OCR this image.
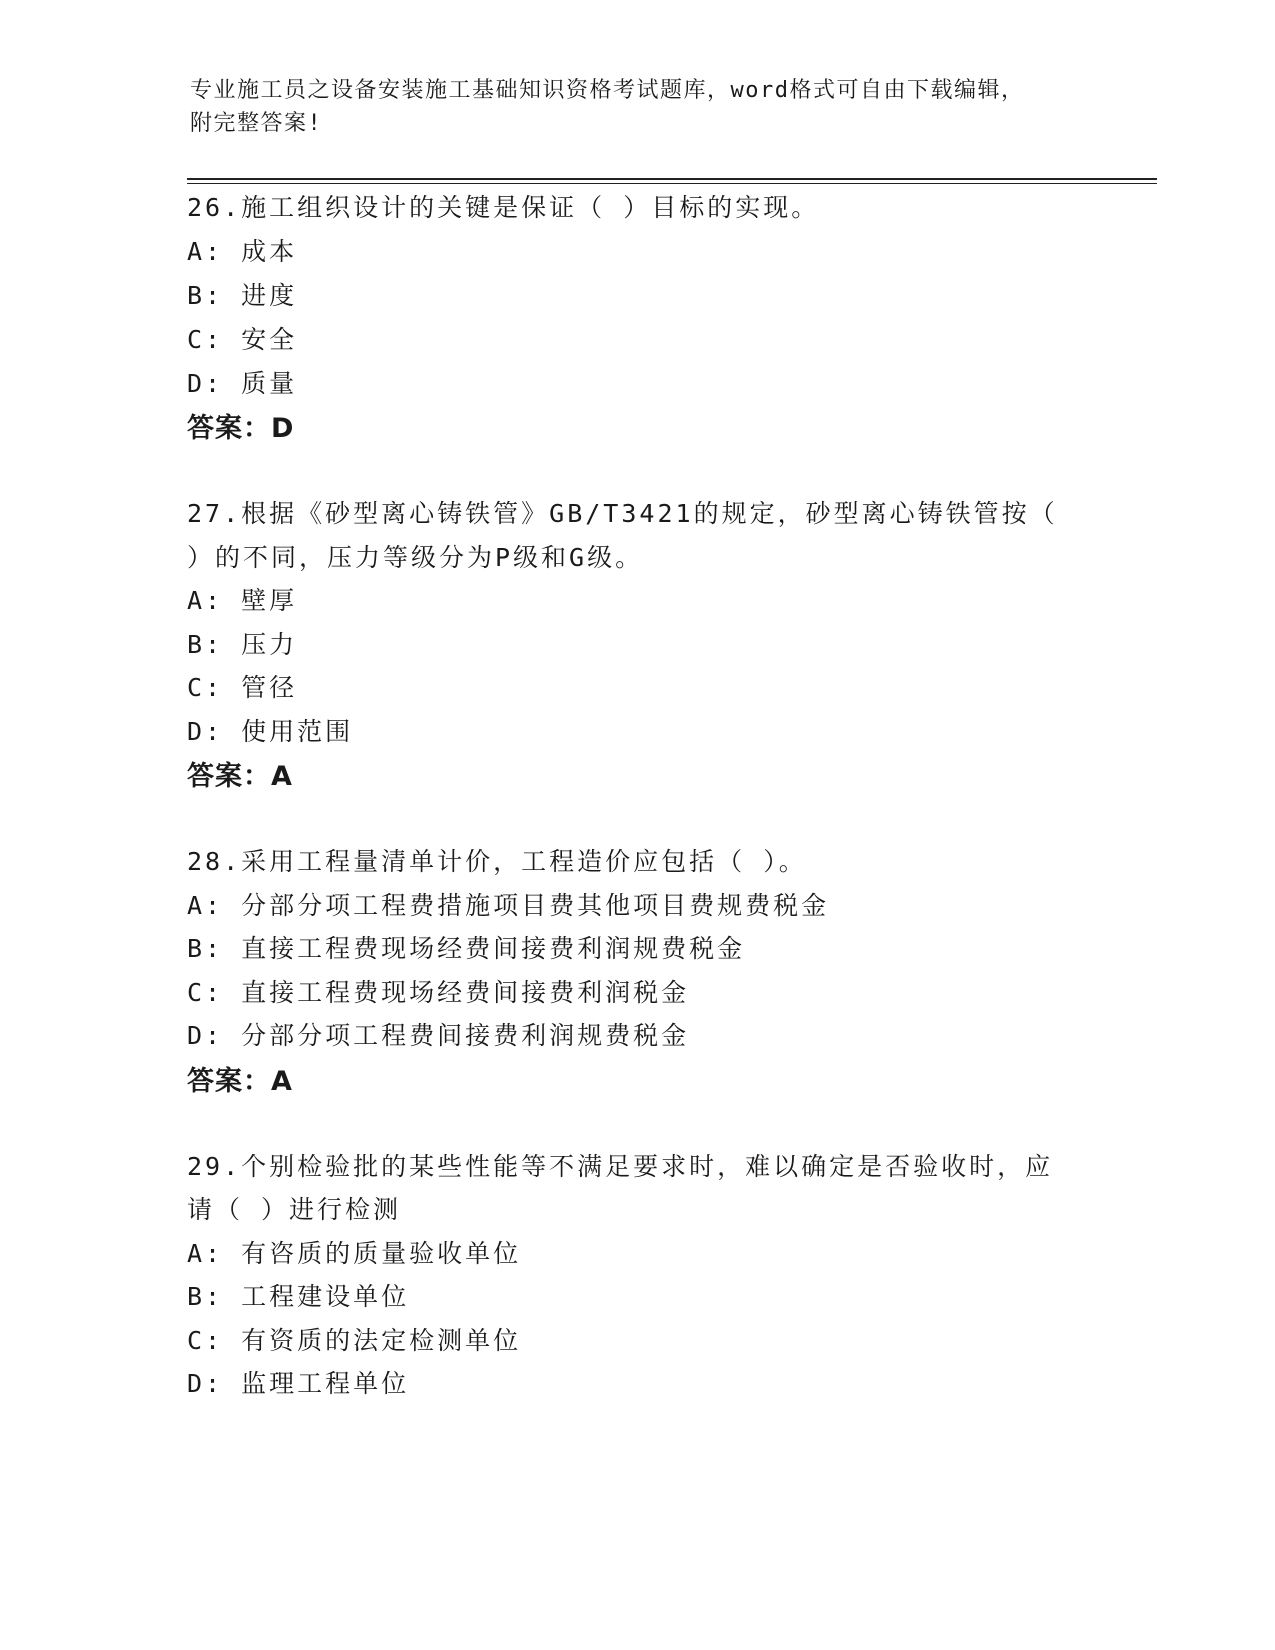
专业施工员之设备安装施工基础知识资格考试题库，word格式可自由下载编辑，
附完整答案!
26.施工组织设计的关键是保证（ ）目标的实现。
A: 成本
B: 进度
C: 安全
D: 质量
答案：D
27.根据《砂型离心铸铁管》GB/T3421的规定，砂型离心铸铁管按（
）的不同，压力等级分为P级和G级。
A: 壁厚
B: 压力
C: 管径
D: 使用范围
答案：A
28.采用工程量清单计价，工程造价应包括（ ）。
A: 分部分项工程费措施项目费其他项目费规费税金
B: 直接工程费现场经费间接费利润规费税金
C: 直接工程费现场经费间接费利润税金
D: 分部分项工程费间接费利润规费税金
答案：A
29.个别检验批的某些性能等不满足要求时，难以确定是否验收时，应
请（ ）进行检测
A: 有咨质的质量验收单位
B: 工程建设单位
C: 有资质的法定检测单位
D: 监理工程单位
